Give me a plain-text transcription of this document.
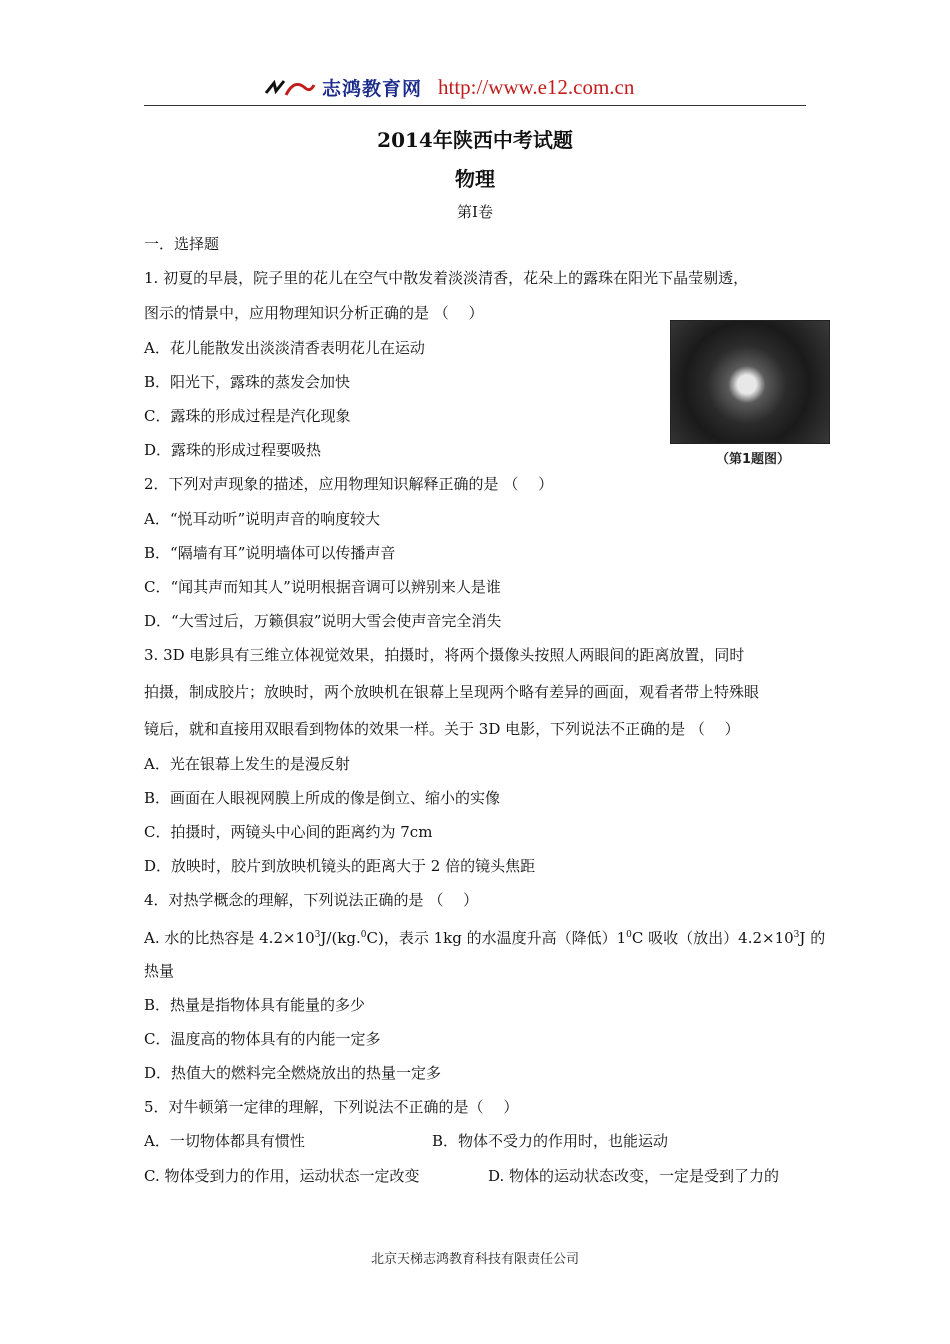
志鸿教育网 http://www.e12.com.cn
2014年陕西中考试题
物理
第Ⅰ卷
一．选择题
1. 初夏的早晨，院子里的花儿在空气中散发着淡淡清香，花朵上的露珠在阳光下晶莹剔透，
图示的情景中，应用物理知识分析正确的是 （　 ）
A．花儿能散发出淡淡清香表明花儿在运动
B．阳光下，露珠的蒸发会加快
C．露珠的形成过程是汽化现象
D．露珠的形成过程要吸热
（第1题图）
2．下列对声现象的描述，应用物理知识解释正确的是 （　 ）
A．“悦耳动听”说明声音的响度较大
B．“隔墙有耳”说明墙体可以传播声音
C．“闻其声而知其人”说明根据音调可以辨别来人是谁
D．“大雪过后，万籁俱寂”说明大雪会使声音完全消失
3. 3D 电影具有三维立体视觉效果，拍摄时，将两个摄像头按照人两眼间的距离放置，同时
拍摄，制成胶片；放映时，两个放映机在银幕上呈现两个略有差异的画面，观看者带上特殊眼
镜后，就和直接用双眼看到物体的效果一样。关于 3D 电影，下列说法不正确的是 （　 ）
A．光在银幕上发生的是漫反射
B．画面在人眼视网膜上所成的像是倒立、缩小的实像
C．拍摄时，两镜头中心间的距离约为 7cm
D．放映时，胶片到放映机镜头的距离大于 2 倍的镜头焦距
4．对热学概念的理解，下列说法正确的是 （　 ）
A. 水的比热容是 $4.2\times 10^3J/(kg.^0C)$，表示 1kg 的水温度升高（降低）$1^0C$ 吸收（放出）$4.2\times 10^3J$ 的
热量
B．热量是指物体具有能量的多少
C．温度高的物体具有的内能一定多
D．热值大的燃料完全燃烧放出的热量一定多
5．对牛顿第一定律的理解，下列说法不正确的是（　 ）
A．一切物体都具有惯性	B．物体不受力的作用时，也能运动
C. 物体受到力的作用，运动状态一定改变	D. 物体的运动状态改变，一定是受到了力的
北京天梯志鸿教育科技有限责任公司
